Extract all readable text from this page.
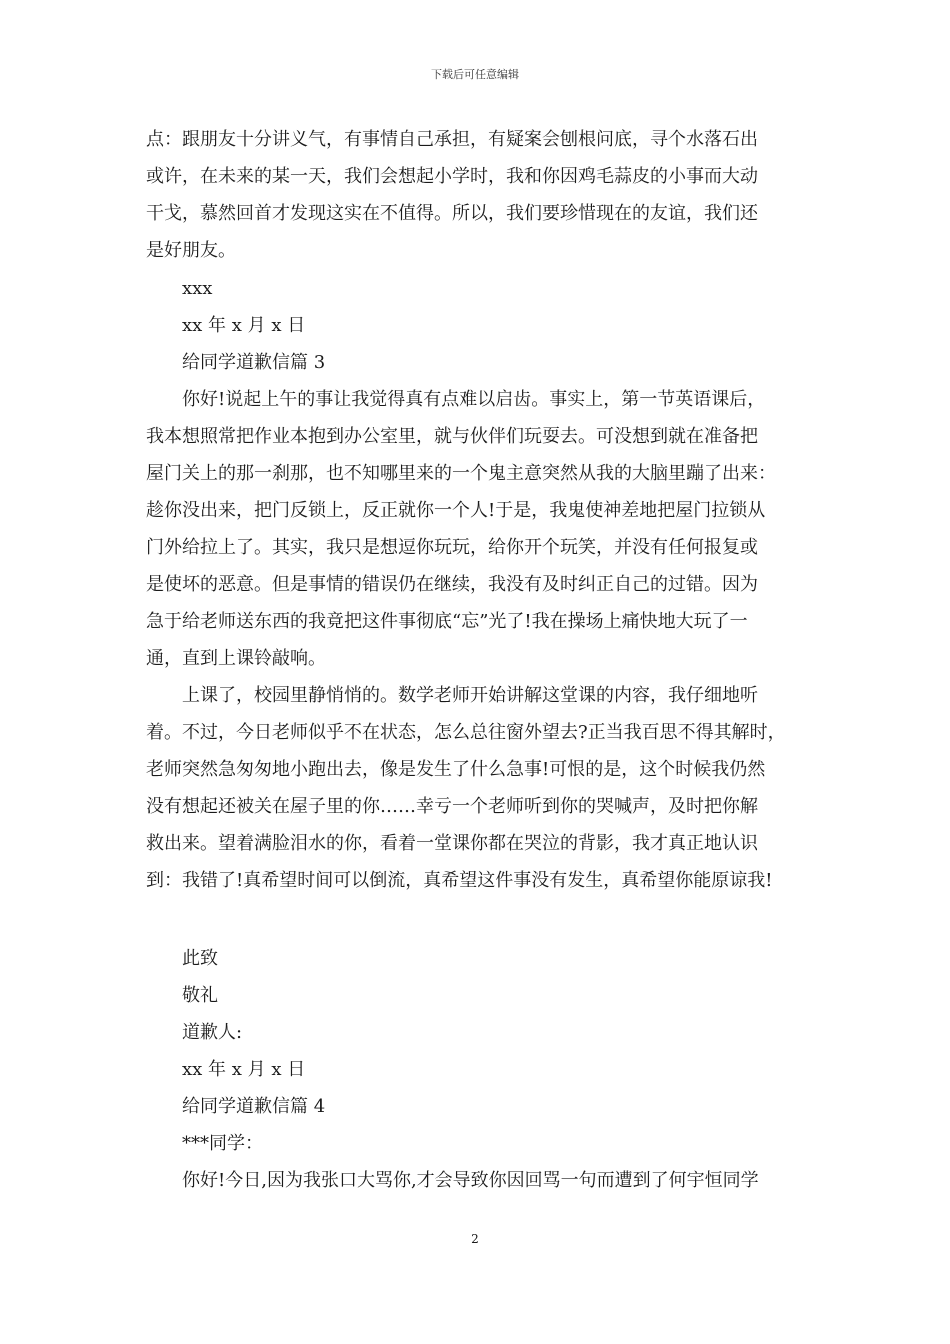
下载后可任意编辑
点：跟朋友十分讲义气，有事情自己承担，有疑案会刨根问底，寻个水落石出
或许，在未来的某一天，我们会想起小学时，我和你因鸡毛蒜皮的小事而大动
干戈，慕然回首才发现这实在不值得。所以，我们要珍惜现在的友谊，我们还
是好朋友。
xxx
xx 年 x 月 x 日
给同学道歉信篇 3
你好!说起上午的事让我觉得真有点难以启齿。事实上，第一节英语课后，
我本想照常把作业本抱到办公室里，就与伙伴们玩耍去。可没想到就在准备把
屋门关上的那一刹那，也不知哪里来的一个鬼主意突然从我的大脑里蹦了出来：
趁你没出来，把门反锁上，反正就你一个人!于是，我鬼使神差地把屋门拉锁从
门外给拉上了。其实，我只是想逗你玩玩，给你开个玩笑，并没有任何报复或
是使坏的恶意。但是事情的错误仍在继续，我没有及时纠正自己的过错。因为
急于给老师送东西的我竟把这件事彻底“忘”光了!我在操场上痛快地大玩了一
通，直到上课铃敲响。
上课了，校园里静悄悄的。数学老师开始讲解这堂课的内容，我仔细地听
着。不过，今日老师似乎不在状态，怎么总往窗外望去?正当我百思不得其解时，
老师突然急匆匆地小跑出去，像是发生了什么急事!可恨的是，这个时候我仍然
没有想起还被关在屋子里的你……幸亏一个老师听到你的哭喊声，及时把你解
救出来。望着满脸泪水的你，看着一堂课你都在哭泣的背影，我才真正地认识
到：我错了!真希望时间可以倒流，真希望这件事没有发生，真希望你能原谅我!
此致
敬礼
道歉人:
xx 年 x 月 x 日
给同学道歉信篇 4
***同学：
你好!今日,因为我张口大骂你,才会导致你因回骂一句而遭到了何宇恒同学
2
